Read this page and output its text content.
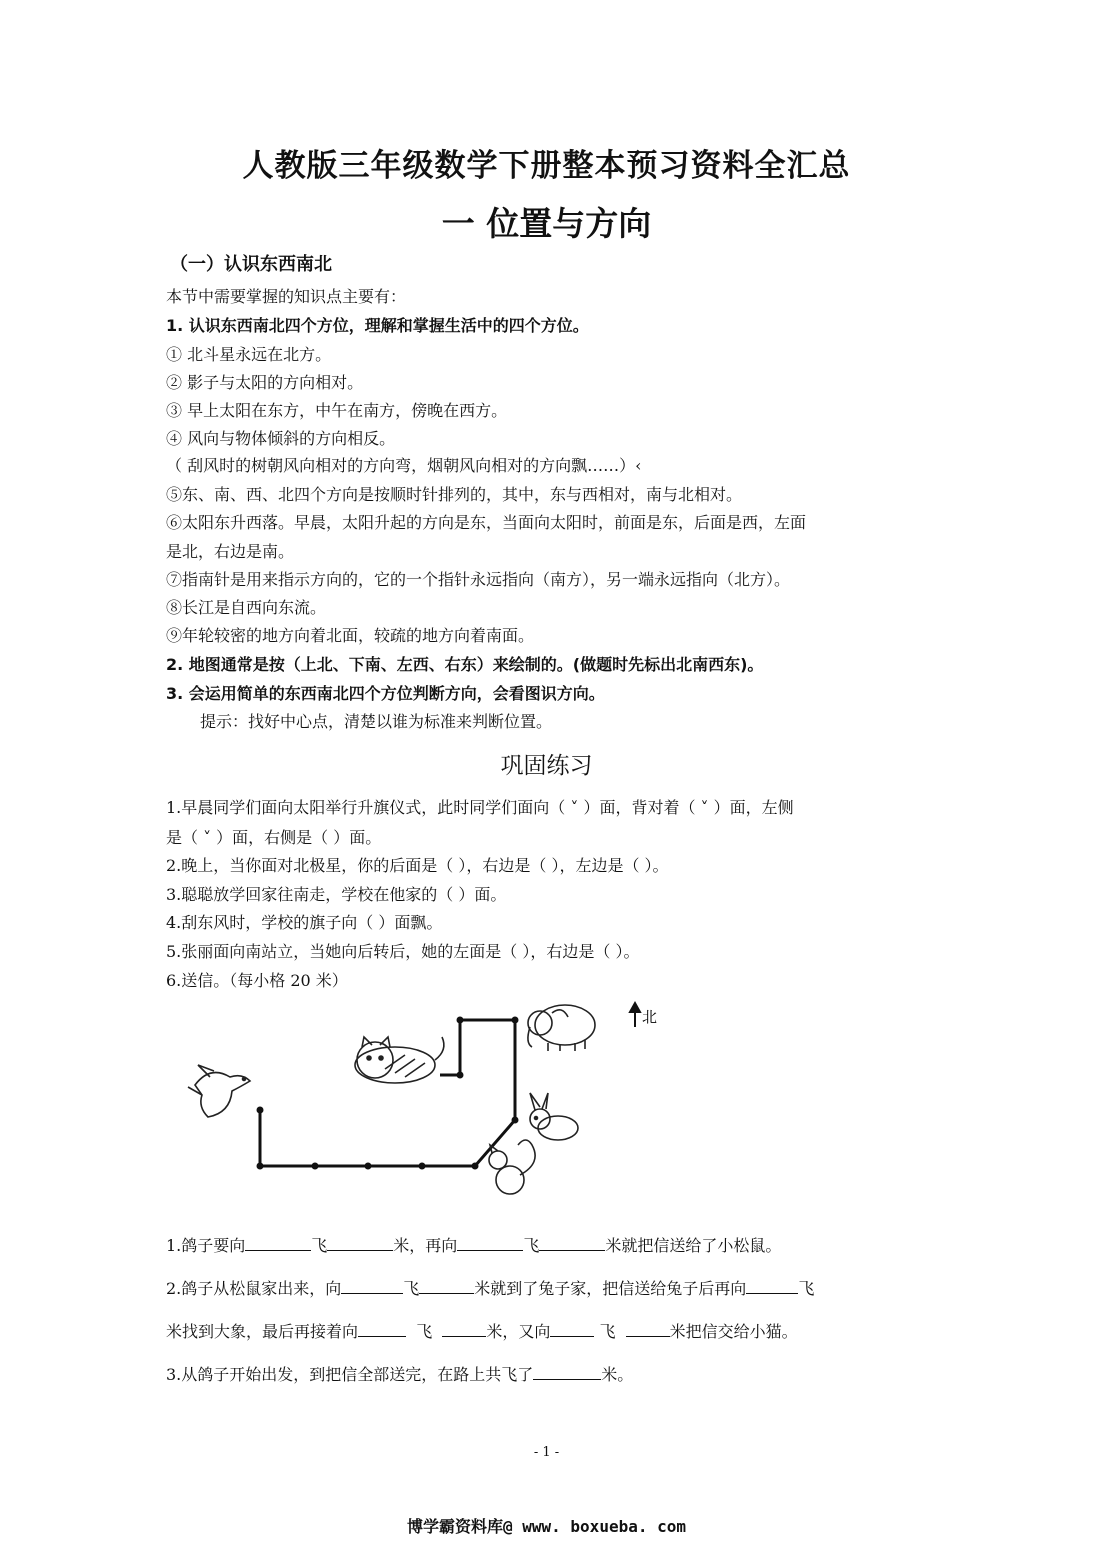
人教版三年级数学下册整本预习资料全汇总
一 位置与方向
（一）认识东西南北
本节中需要掌握的知识点主要有：
1. 认识东西南北四个方位，理解和掌握生活中的四个方位。
① 北斗星永远在北方。
② 影子与太阳的方向相对。
③ 早上太阳在东方，中午在南方，傍晚在西方。
④ 风向与物体倾斜的方向相反。
（ 刮风时的树朝风向相对的方向弯，烟朝风向相对的方向飘……）‹
⑤东、南、西、北四个方向是按顺时针排列的，其中，东与西相对，南与北相对。
⑥太阳东升西落。早晨，太阳升起的方向是东，当面向太阳时，前面是东，后面是西，左面
是北，右边是南。
⑦指南针是用来指示方向的，它的一个指针永远指向（南方），另一端永远指向（北方）。
⑧长江是自西向东流。
⑨年轮较密的地方向着北面，较疏的地方向着南面。
2. 地图通常是按（上北、下南、左西、右东）来绘制的。(做题时先标出北南西东)。
3. 会运用简单的东西南北四个方位判断方向，会看图识方向。
提示：找好中心点，清楚以谁为标准来判断位置。
巩固练习
1.早晨同学们面向太阳举行升旗仪式，此时同学们面向（ ˅ ）面，背对着（ ˅ ）面，左侧
是（ ˅ ）面，右侧是（ ）面。
2.晚上，当你面对北极星，你的后面是（ ），右边是（ ），左边是（ ）。
3.聪聪放学回家往南走，学校在他家的（ ）面。
4.刮东风时，学校的旗子向（ ）面飘。
5.张丽面向南站立，当她向后转后，她的左面是（ ），右边是（ ）。
6.送信。（每小格 20 米）
北
1.鸽子要向	飞	米，再向	飞	米就把信送给了小松鼠。
2.鸽子从松鼠家出来，向	飞	米就到了兔子家，把信送给兔子后再向	飞
米找到大象，最后再接着向	飞	米，又向	飞	米把信交给小猫。
3.从鸽子开始出发，到把信全部送完，在路上共飞了	米。
- 1 -
博学霸资料库@ www. boxueba. com
